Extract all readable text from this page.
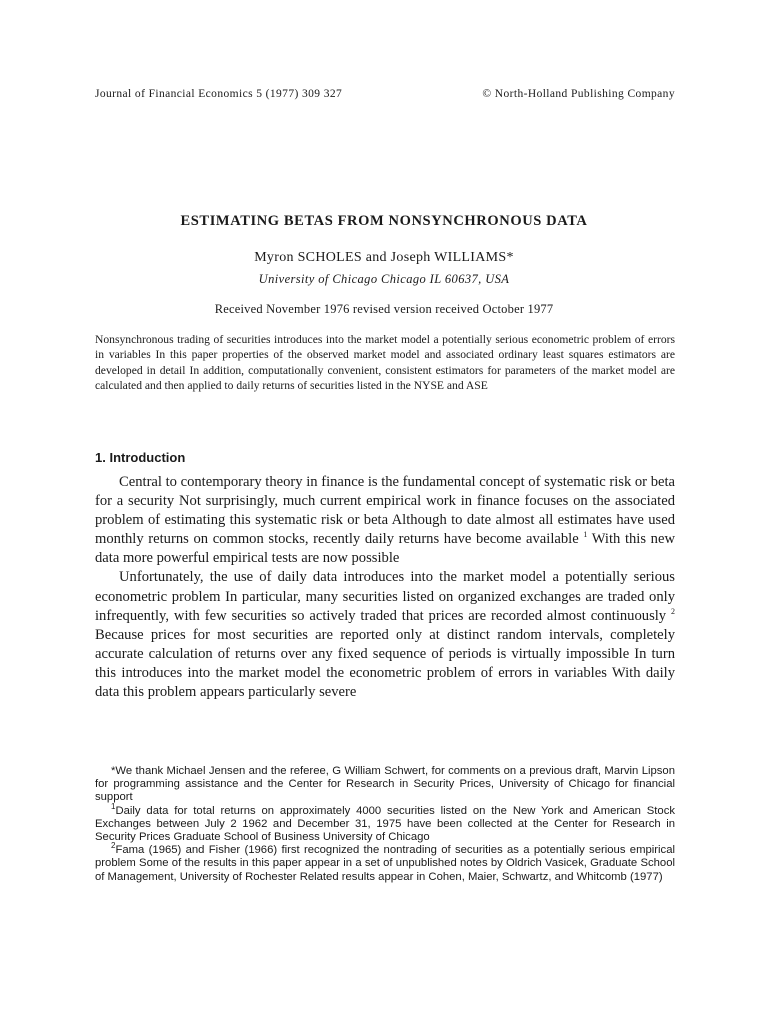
Journal of Financial Economics 5 (1977) 309 327	© North-Holland Publishing Company
ESTIMATING BETAS FROM NONSYNCHRONOUS DATA
Myron SCHOLES and Joseph WILLIAMS*
University of Chicago Chicago IL 60637, USA
Received November 1976 revised version received October 1977
Nonsynchronous trading of securities introduces into the market model a potentially serious econometric problem of errors in variables In this paper properties of the observed market model and associated ordinary least squares estimators are developed in detail In addition, computationally convenient, consistent estimators for parameters of the market model are calculated and then applied to daily returns of securities listed in the NYSE and ASE
1. Introduction

Central to contemporary theory in finance is the fundamental concept of systematic risk or beta for a security Not surprisingly, much current empirical work in finance focuses on the associated problem of estimating this systematic risk or beta Although to date almost all estimates have used monthly returns on common stocks, recently daily returns have become available $^1$ With this new data more powerful empirical tests are now possible

Unfortunately, the use of daily data introduces into the market model a potentially serious econometric problem In particular, many securities listed on organized exchanges are traded only infrequently, with few securities so actively traded that prices are recorded almost continuously $^2$ Because prices for most securities are reported only at distinct random intervals, completely accurate calculation of returns over any fixed sequence of periods is virtually impossible In turn this introduces into the market model the econometric problem of errors in variables With daily data this problem appears particularly severe

*We thank Michael Jensen and the referee, G William Schwert, for comments on a previous draft, Marvin Lipson for programming assistance and the Center for Research in Security Prices, University of Chicago for financial support

$^1$Daily data for total returns on approximately 4000 securities listed on the New York and American Stock Exchanges between July 2 1962 and December 31, 1975 have been collected at the Center for Research in Security Prices Graduate School of Business University of Chicago

$^2$Fama (1965) and Fisher (1966) first recognized the nontrading of securities as a potentially serious empirical problem Some of the results in this paper appear in a set of unpublished notes by Oldrich Vasicek, Graduate School of Management, University of Rochester Related results appear in Cohen, Maier, Schwartz, and Whitcomb (1977)
